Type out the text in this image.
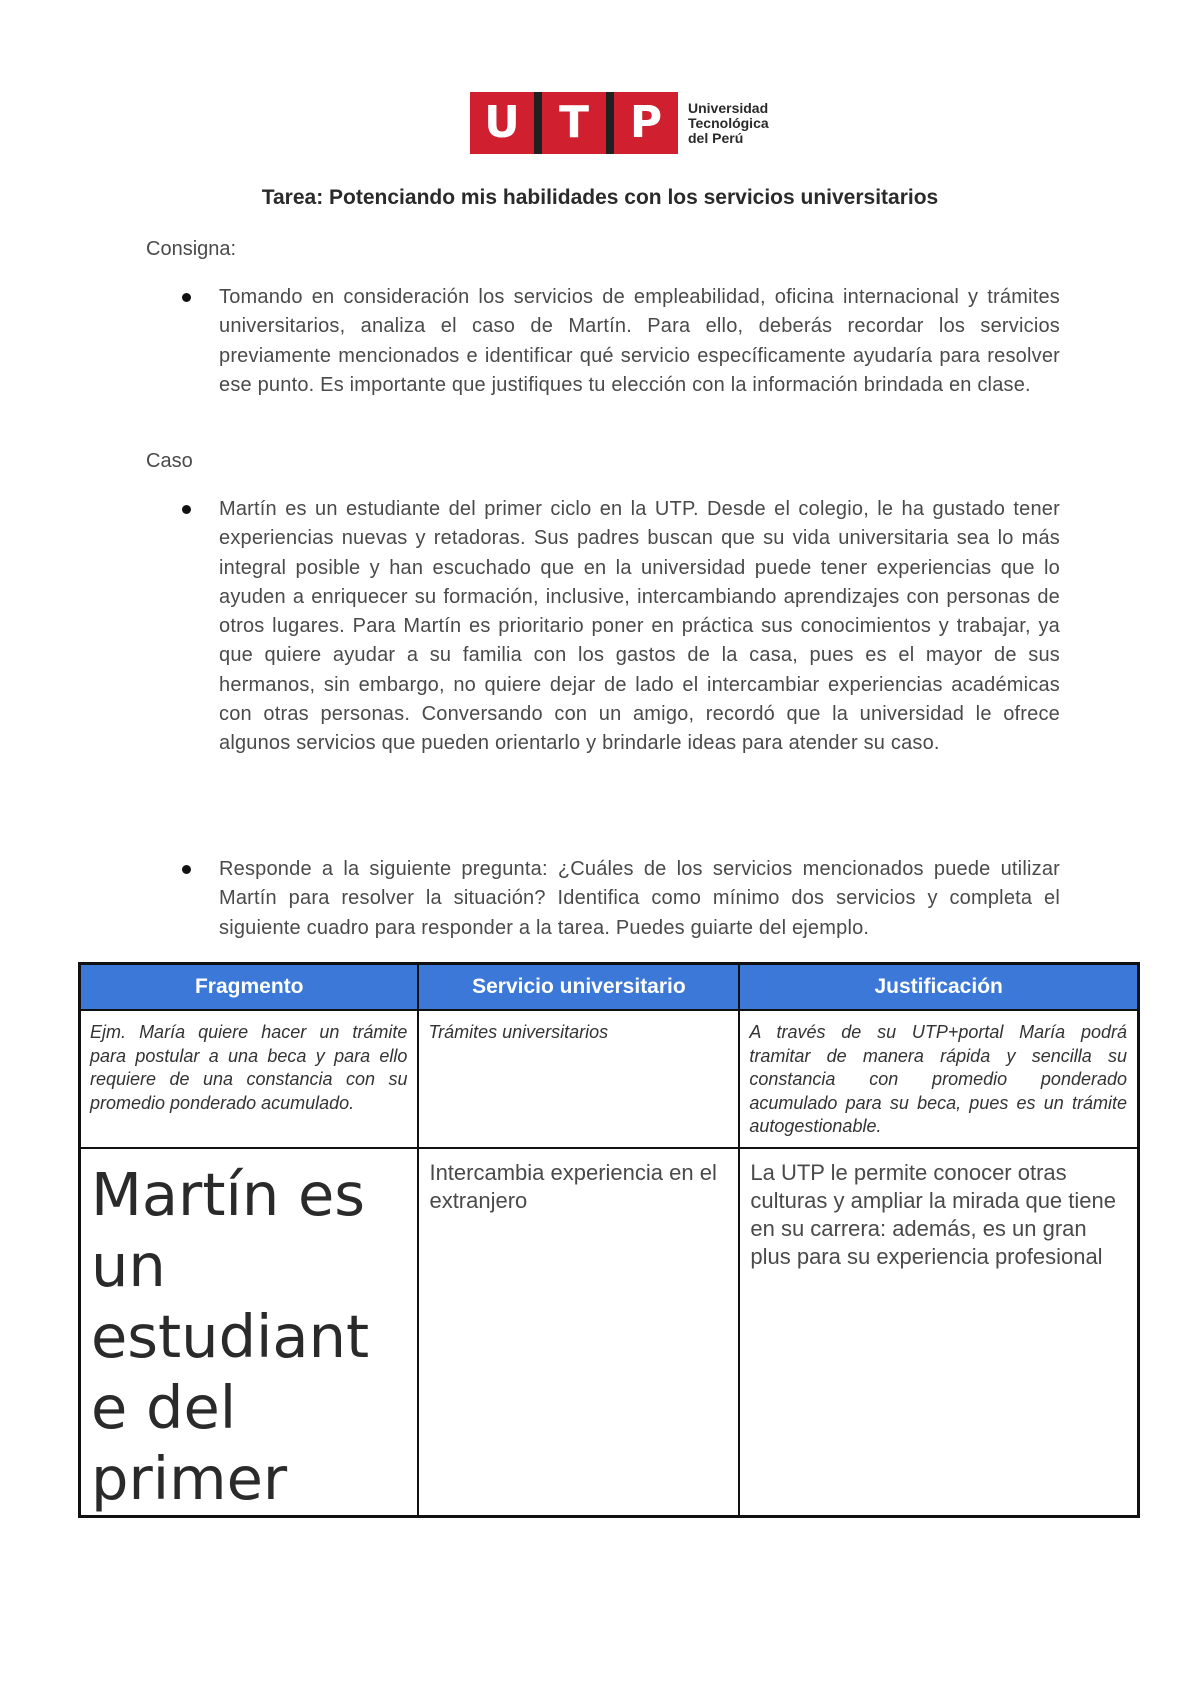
U T P	Universidad
Tecnológica
del Perú
Tarea: Potenciando mis habilidades con los servicios universitarios
Consigna:
Tomando en consideración los servicios de empleabilidad, oficina internacional y trámites universitarios, analiza el caso de Martín. Para ello, deberás recordar los servicios previamente mencionados e identificar qué servicio específicamente ayudaría para resolver ese punto. Es importante que justifiques tu elección con la información brindada en clase.
Caso
Martín es un estudiante del primer ciclo en la UTP. Desde el colegio, le ha gustado tener experiencias nuevas y retadoras. Sus padres buscan que su vida universitaria sea lo más integral posible y han escuchado que en la universidad puede tener experiencias que lo ayuden a enriquecer su formación, inclusive, intercambiando aprendizajes con personas de otros lugares. Para Martín es prioritario poner en práctica sus conocimientos y trabajar, ya que quiere ayudar a su familia con los gastos de la casa, pues es el mayor de sus hermanos, sin embargo, no quiere dejar de lado el intercambiar experiencias académicas con otras personas. Conversando con un amigo, recordó que la universidad le ofrece algunos servicios que pueden orientarlo y brindarle ideas para atender su caso.
Responde a la siguiente pregunta: ¿Cuáles de los servicios mencionados puede utilizar Martín para resolver la situación? Identifica como mínimo dos servicios y completa el siguiente cuadro para responder a la tarea. Puedes guiarte del ejemplo.
Fragmento	Servicio universitario	Justificación
Ejm. María quiere hacer un trámite para postular a una beca y para ello requiere de una constancia con su promedio ponderado acumulado.	Trámites universitarios	A través de su UTP+portal María podrá tramitar de manera rápida y sencilla su constancia con promedio ponderado acumulado para su beca, pues es un trámite autogestionable.
Martín es un estudiant e del primer	Intercambia experiencia en el extranjero	La UTP le permite conocer otras culturas y ampliar la mirada que tiene en su carrera: además, es un gran plus para su experiencia profesional
